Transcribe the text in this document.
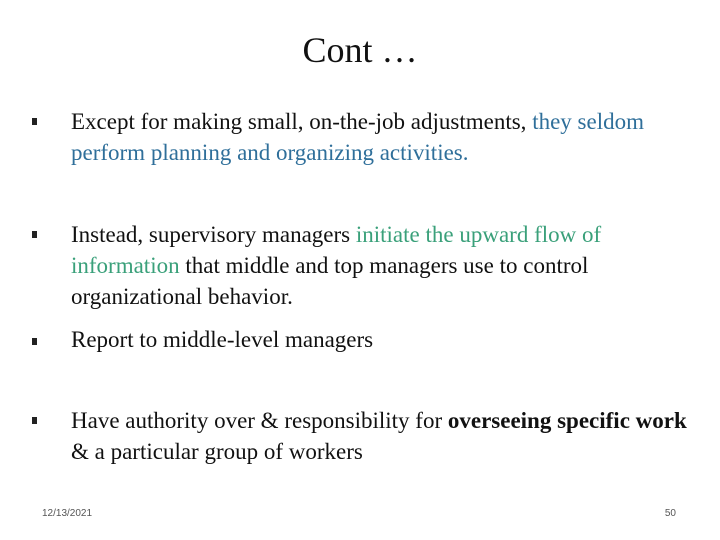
Cont …
Except for making small, on-the-job adjustments, they seldom perform planning and organizing activities.
Instead, supervisory managers initiate the upward flow of information that middle and top managers use to control organizational behavior.
Report to middle-level managers
Have authority over & responsibility for overseeing specific work & a particular group of workers
12/13/2021	50
